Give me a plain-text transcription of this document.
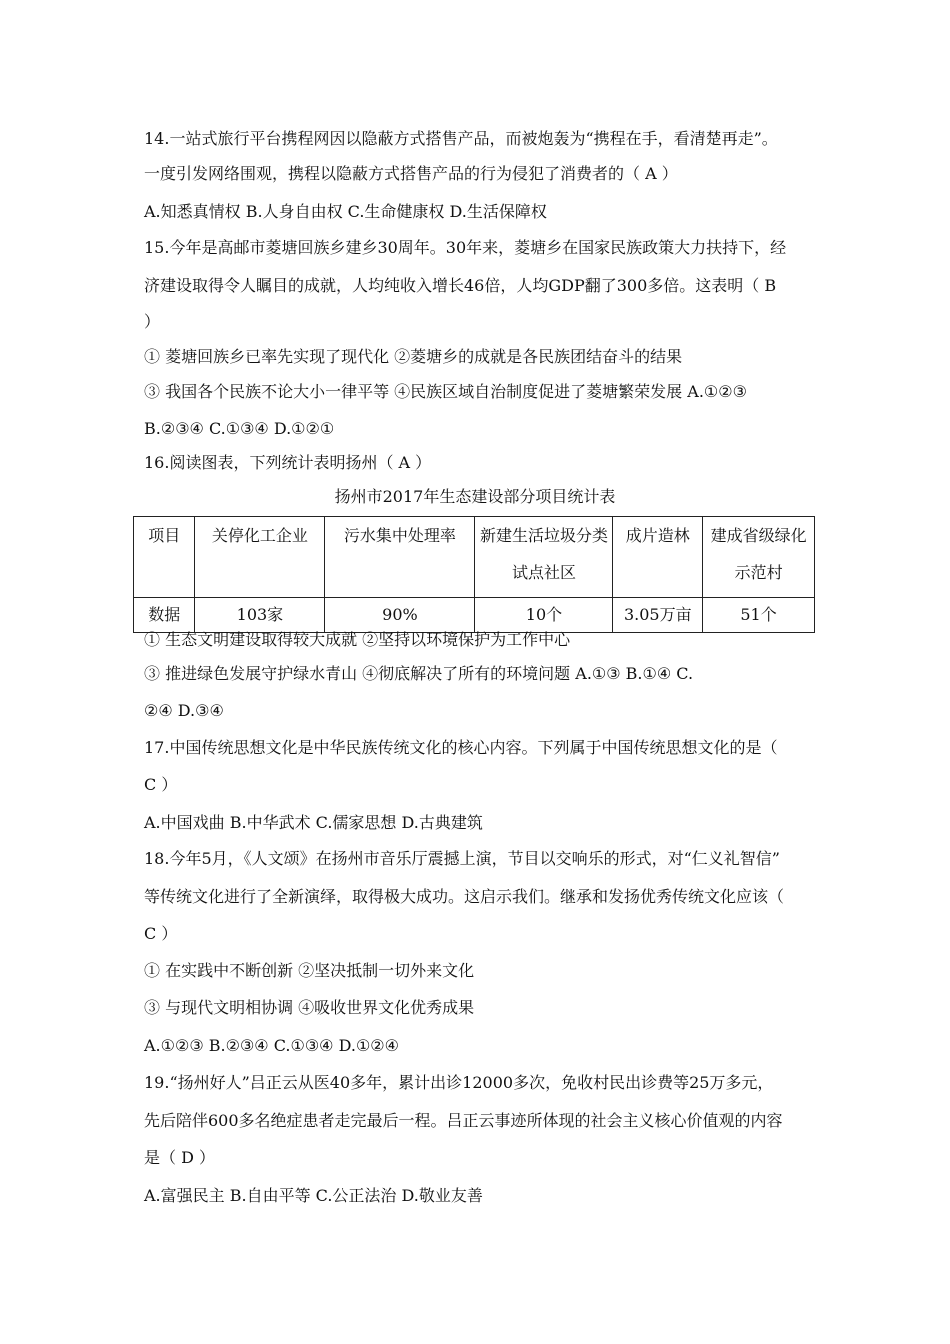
14.一站式旅行平台携程网因以隐蔽方式搭售产品，而被炮轰为“携程在手，看清楚再走”。
一度引发网络围观，携程以隐蔽方式搭售产品的行为侵犯了消费者的（ A ）
A.知悉真情权 B.人身自由权 C.生命健康权 D.生活保障权
15.今年是高邮市菱塘回族乡建乡30周年。30年来，菱塘乡在国家民族政策大力扶持下，经
济建设取得令人瞩目的成就，人均纯收入增长46倍，人均GDP翻了300多倍。这表明（ B
）
① 菱塘回族乡已率先实现了现代化 ②菱塘乡的成就是各民族团结奋斗的结果
③ 我国各个民族不论大小一律平等 ④民族区域自治制度促进了菱塘繁荣发展 A.①②③
B.②③④ C.①③④ D.①②①
16.阅读图表，下列统计表明扬州（ A ）
扬州市2017年生态建设部分项目统计表
项目	关停化工企业	污水集中处理率	新建生活垃圾分类试点社区	成片造林	建成省级绿化示范村
数据	103家	90%	10个	3.05万亩	51个
① 生态文明建设取得较大成就 ②坚持以环境保护为工作中心
③ 推进绿色发展守护绿水青山 ④彻底解决了所有的环境问题 A.①③ B.①④ C.
②④ D.③④
17.中国传统思想文化是中华民族传统文化的核心内容。下列属于中国传统思想文化的是（
C ）
A.中国戏曲 B.中华武术 C.儒家思想 D.古典建筑
18.今年5月，《人文颂》在扬州市音乐厅震撼上演，节目以交响乐的形式，对“仁义礼智信”
等传统文化进行了全新演绎，取得极大成功。这启示我们。继承和发扬优秀传统文化应该（
C ）
① 在实践中不断创新 ②坚决抵制一切外来文化
③ 与现代文明相协调 ④吸收世界文化优秀成果
A.①②③ B.②③④ C.①③④ D.①②④
19.“扬州好人”吕正云从医40多年，累计出诊12000多次，免收村民出诊费等25万多元，
先后陪伴600多名绝症患者走完最后一程。吕正云事迹所体现的社会主义核心价值观的内容
是（ D ）
A.富强民主 B.自由平等 C.公正法治 D.敬业友善
